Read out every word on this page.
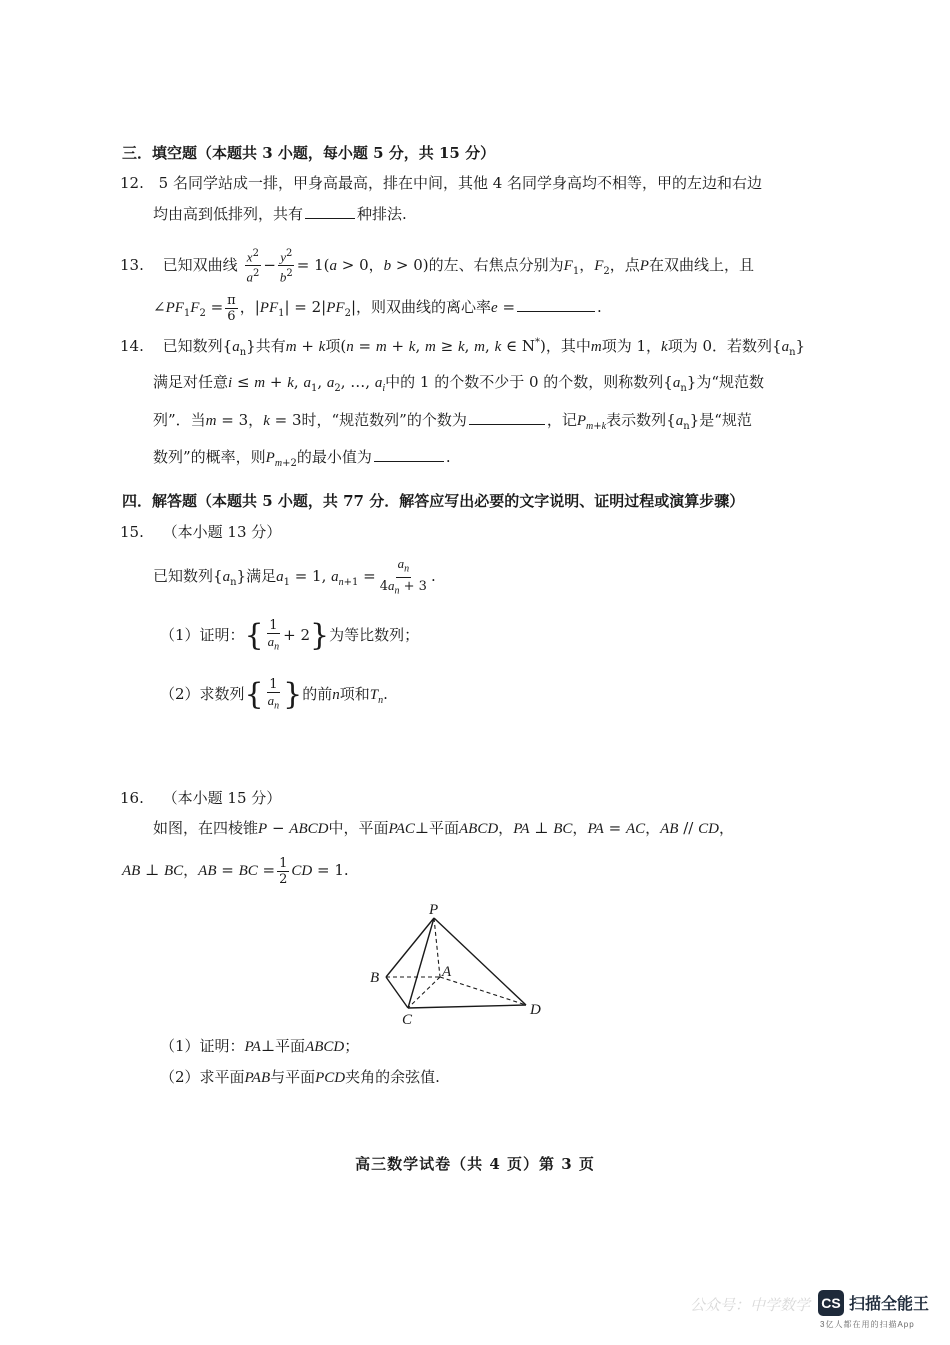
三．填空题（本题共 3 小题，每小题 5 分，共 15 分）
12. 5 名同学站成一排，甲身高最高，排在中间，其他 4 名同学身高均不相等，甲的左边和右边
均由高到低排列，共有	种排法.
13. 已知双曲线 $\frac{x^2}{a^2} - \frac{y^2}{b^2} = 1(a > 0$，b > 0)的左、右焦点分别为$F_1$，$F_2$，点P在双曲线上，且
$\angle PF_1F_2 = \frac{\pi}{6}$ ，$|PF_1| = 2|PF_2|$，则双曲线的离心率e =	.
14. 已知数列$\{a_n\}$共有m + k项(n = m + k, m ≥ k, m, k ∈ N*)，其中m项为 1，k项为 0．若数列$\{a_n\}$
满足对任意i ≤ m + k, $a_1$, $a_2$, …, $a_i$中的 1 的个数不少于 0 的个数，则称数列$\{a_n\}$为“规范数
列”．当m = 3，k = 3时，“规范数列”的个数为	，记$P_{m+k}$表示数列$\{a_n\}$是“规范
数列”的概率，则$P_{m+2}$的最小值为	.
四．解答题（本题共 5 小题，共 77 分．解答应写出必要的文字说明、证明过程或演算步骤）
15. （本小题 13 分）
已知数列$\{a_n\}$满足$a_1 = 1$, $a_{n+1} = \frac{a_n}{4a_n + 3}$ .
（1）证明：{ $\frac{1}{a_n} + 2$}为等比数列；
（2）求数列{ $\frac{1}{a_n}$ }的前n项和$T_n$.
16. （本小题 15 分）
如图，在四棱锥P − ABCD中，平面PAC⊥平面ABCD，PA ⊥ BC，PA = AC，AB // CD，
AB ⊥ BC，AB = BC = $\frac{1}{2}$ CD = 1.
P
A
B
C
D
（1）证明：PA⊥平面ABCD；
（2）求平面PAB与平面PCD夹角的余弦值.
高三数学试卷（共 4 页）第 3 页
公众号：中学数学 CS 扫描全能王
3亿人都在用的扫描App
